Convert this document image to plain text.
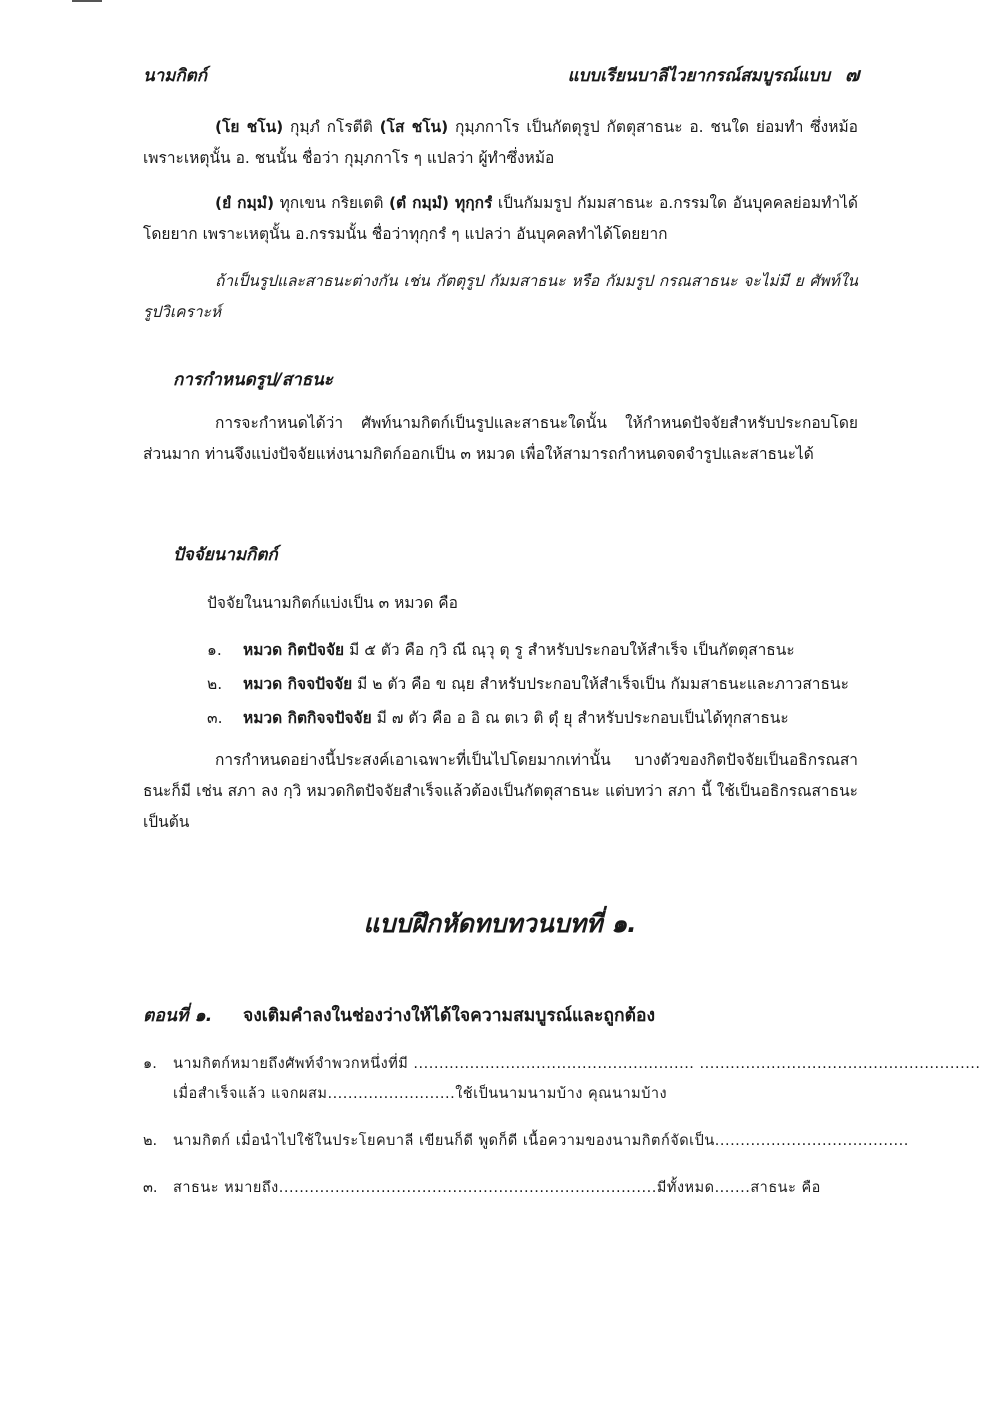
นามกิตก์	แบบเรียนบาลีไวยากรณ์สมบูรณ์แบบ ๗
(โย ชโน) กุมฺภํ กโรตีติ (โส ชโน) กุมฺภกาโร เป็นกัตตุรูป กัตตุสาธนะ อ. ชนใด ย่อมทำ ซึ่งหม้อ เพราะเหตุนั้น อ. ชนนั้น ชื่อว่า กุมฺภกาโร ๆ แปลว่า ผู้ทำซึ่งหม้อ
(ยํ กมฺมํ) ทุกเขน กริยเตติ (ตํ กมฺมํ) ทุกฺกรํ เป็นกัมมรูป กัมมสาธนะ อ.กรรมใด อันบุคคลย่อมทำได้โดยยาก เพราะเหตุนั้น อ.กรรมนั้น ชื่อว่าทุกฺกรํ ๆ แปลว่า อันบุคคลทำได้โดยยาก
ถ้าเป็นรูปและสาธนะต่างกัน เช่น กัตตุรูป กัมมสาธนะ หรือ กัมมรูป กรณสาธนะ จะไม่มี ย ศัพท์ในรูปวิเคราะห์
การกำหนดรูป/สาธนะ
การจะกำหนดได้ว่า ศัพท์นามกิตก์เป็นรูปและสาธนะใดนั้น ให้กำหนดปัจจัยสำหรับประกอบโดยส่วนมาก ท่านจึงแบ่งปัจจัยแห่งนามกิตก์ออกเป็น ๓ หมวด เพื่อให้สามารถกำหนดจดจำรูปและสาธนะได้
ปัจจัยนามกิตก์
ปัจจัยในนามกิตก์แบ่งเป็น ๓ หมวด คือ
๑. หมวด กิตปัจจัย มี ๕ ตัว คือ กฺวิ ณี ณฺวุ ตุ รู สำหรับประกอบให้สำเร็จ เป็นกัตตุสาธนะ
๒. หมวด กิจจปัจจัย มี ๒ ตัว คือ ข ณฺย สำหรับประกอบให้สำเร็จเป็น กัมมสาธนะและภาวสาธนะ
๓. หมวด กิตกิจจปัจจัย มี ๗ ตัว คือ อ อิ ณ ตเว ติ ตุํ ยุ สำหรับประกอบเป็นได้ทุกสาธนะ
การกำหนดอย่างนี้ประสงค์เอาเฉพาะที่เป็นไปโดยมากเท่านั้น บางตัวของกิตปัจจัยเป็นอธิกรณสาธนะก็มี เช่น สภา ลง กฺวิ หมวดกิตปัจจัยสำเร็จแล้วต้องเป็นกัตตุสาธนะ แต่บทว่า สภา นี้ ใช้เป็นอธิกรณสาธนะเป็นต้น
แบบฝึกหัดทบทวนบทที่ ๑.
ตอนที่ ๑. จงเติมคำลงในช่องว่างให้ได้ใจความสมบูรณ์และถูกต้อง
๑. นามกิตก์หมายถึงศัพท์จำพวกหนึ่งที่มี ....................................................... .......................................................
เมื่อสำเร็จแล้ว แจกผสม.........................ใช้เป็นนามนามบ้าง คุณนามบ้าง
๒. นามกิตก์ เมื่อนำไปใช้ในประโยคบาลี เขียนก็ดี พูดก็ดี เนื้อความของนามกิตก์จัดเป็น......................................
๓. สาธนะ หมายถึง..........................................................................มีทั้งหมด.......สาธนะ คือ
